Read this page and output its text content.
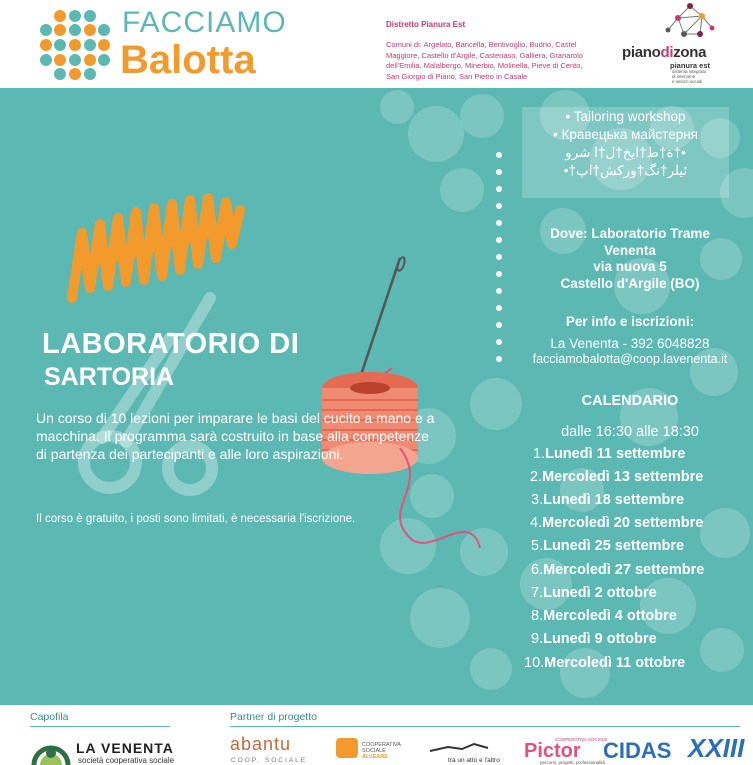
FACCIAMO
Balotta
Distretto Pianura Est
Comuni di: Argelato, Baricella, Bentivoglio, Budrio, Castel
Maggiore, Castello d'Argile, Castenaso, Galliera, Granarolo
dell'Emilia, Malalbergo, Minerbio, Molinella, Pieve di Cento,
San Giorgio di Piano, San Pietro in Casale
pianodizona
pianura est
sistema integrato
di interventi
e servizi sociali
LABORATORIO DI
SARTORIA
Un corso di 10 lezioni per imparare le basi del cucito a mano e a
macchina. Il programma sarà costruito in base alla competenze
di partenza dei partecipanti e alle loro aspirazioni.
Il corso è gratuito, i posti sono limitati, è necessaria l'iscrizione.
• Tailoring workshop
• Кравецька майстерня
ة†ط†ايخ†ل†ا شرو†•
•†ئیلر†نگ†ورکش†اپ
Dove: Laboratorio Trame
Venenta
via nuova 5
Castello d'Argile (BO)
Per info e iscrizioni:
La Venenta - 392 6048828
facciamobalotta@coop.lavenenta.it
CALENDARIO
dalle 16:30 alle 18:30
1.Lunedì 11 settembre
2.Mercoledì 13 settembre
3.Lunedì 18 settembre
4.Mercoledì 20 settembre
5.Lunedì 25 settembre
6.Mercoledì 27 settembre
7.Lunedì 2 ottobre
8.Mercoledì 4 ottobre
9.Lunedì 9 ottobre
10.Mercoledì 11 ottobre
Capofila	Partner di progetto
LA VENENTA
società cooperativa sociale
abantu
COOP. SOCIALE
COOPERATIVA
SOCIALE
ALVEARE	tra un atto e l'altro
COOPERATIVA SOCIALE
Pictor
percorsi, progetti, professionalità
CIDAS XXIII
